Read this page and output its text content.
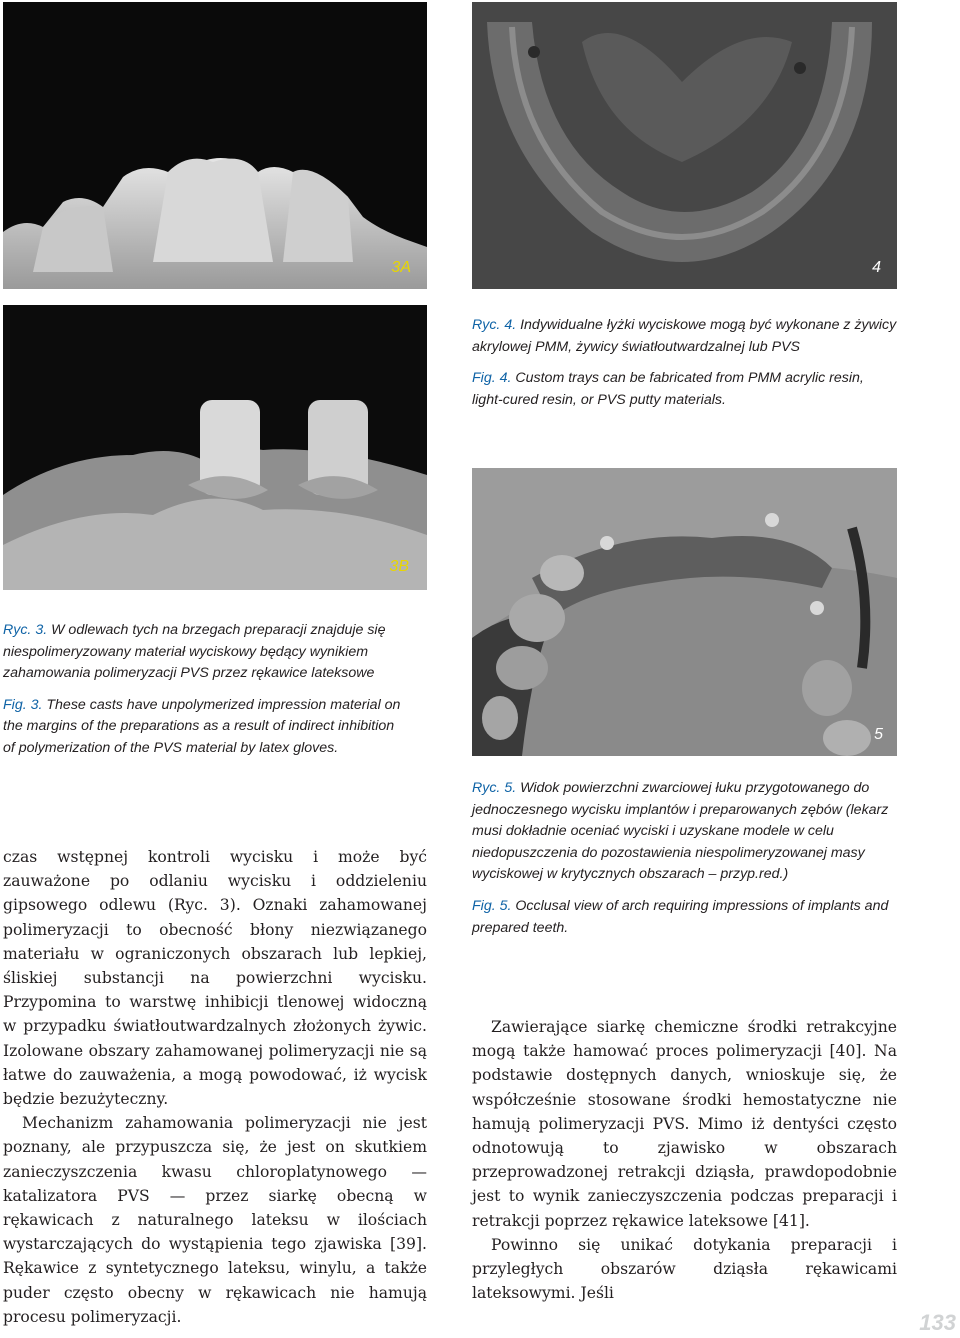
3A
3B
4
5

Ryc. 4. Indywidualne łyżki wyciskowe mogą być wykonane z żywicy akrylowej PMM, żywicy światłoutwardzalnej lub PVS

Fig. 4. Custom trays can be fabricated from PMM acrylic resin, light-cured resin, or PVS putty materials.

Ryc. 3. W odlewach tych na brzegach preparacji znajduje się niespolimeryzowany materiał wyciskowy będący wynikiem zahamowania polimeryzacji PVS przez rękawice lateksowe

Fig. 3. These casts have unpolymerized impression material on the margins of the preparations as a result of indirect inhibition of polymerization of the PVS material by latex gloves.

Ryc. 5. Widok powierzchni zwarciowej łuku przygotowanego do jednoczesnego wycisku implantów i preparowanych zębów (lekarz musi dokładnie oceniać wyciski i uzyskane modele w celu niedopuszczenia do pozostawienia niespolimeryzowanej masy wyciskowej w krytycznych obszarach – przyp.red.)

Fig. 5. Occlusal view of arch requiring impressions of implants and prepared teeth.

czas wstępnej kontroli wycisku i może być zauważone po odlaniu wycisku i oddzieleniu gipsowego odlewu (Ryc. 3). Oznaki zahamowanej polimeryzacji to obecność błony niezwiązanego materiału w ograniczonych obszarach lub lepkiej, śliskiej substancji na powierzchni wycisku. Przypomina to warstwę inhibicji tlenowej widoczną w przypadku światłoutwardzalnych złożonych żywic. Izolowane obszary zahamowanej polimeryzacji nie są łatwe do zauważenia, a mogą powodować, iż wycisk będzie bezużyteczny.

Mechanizm zahamowania polimeryzacji nie jest poznany, ale przypuszcza się, że jest on skutkiem zanieczyszczenia kwasu chloroplatynowego — katalizatora PVS — przez siarkę obecną w rękawicach z naturalnego lateksu w ilościach wystarczających do wystąpienia tego zjawiska [39]. Rękawice z syntetycznego lateksu, winylu, a także puder często obecny w rękawicach nie hamują procesu polimeryzacji.

Zawierające siarkę chemiczne środki retrakcyjne mogą także hamować proces polimeryzacji [40]. Na podstawie dostępnych danych, wnioskuje się, że współcześnie stosowane środki hemostatyczne nie hamują polimeryzacji PVS. Mimo iż dentyści często odnotowują to zjawisko w obszarach przeprowadzonej retrakcji dziąsła, prawdopodobnie jest to wynik zanieczyszczenia podczas preparacji i retrakcji poprzez rękawice lateksowe [41].

Powinno się unikać dotykania preparacji i przyległych obszarów dziąsła rękawicami lateksowymi. Jeśli

133
